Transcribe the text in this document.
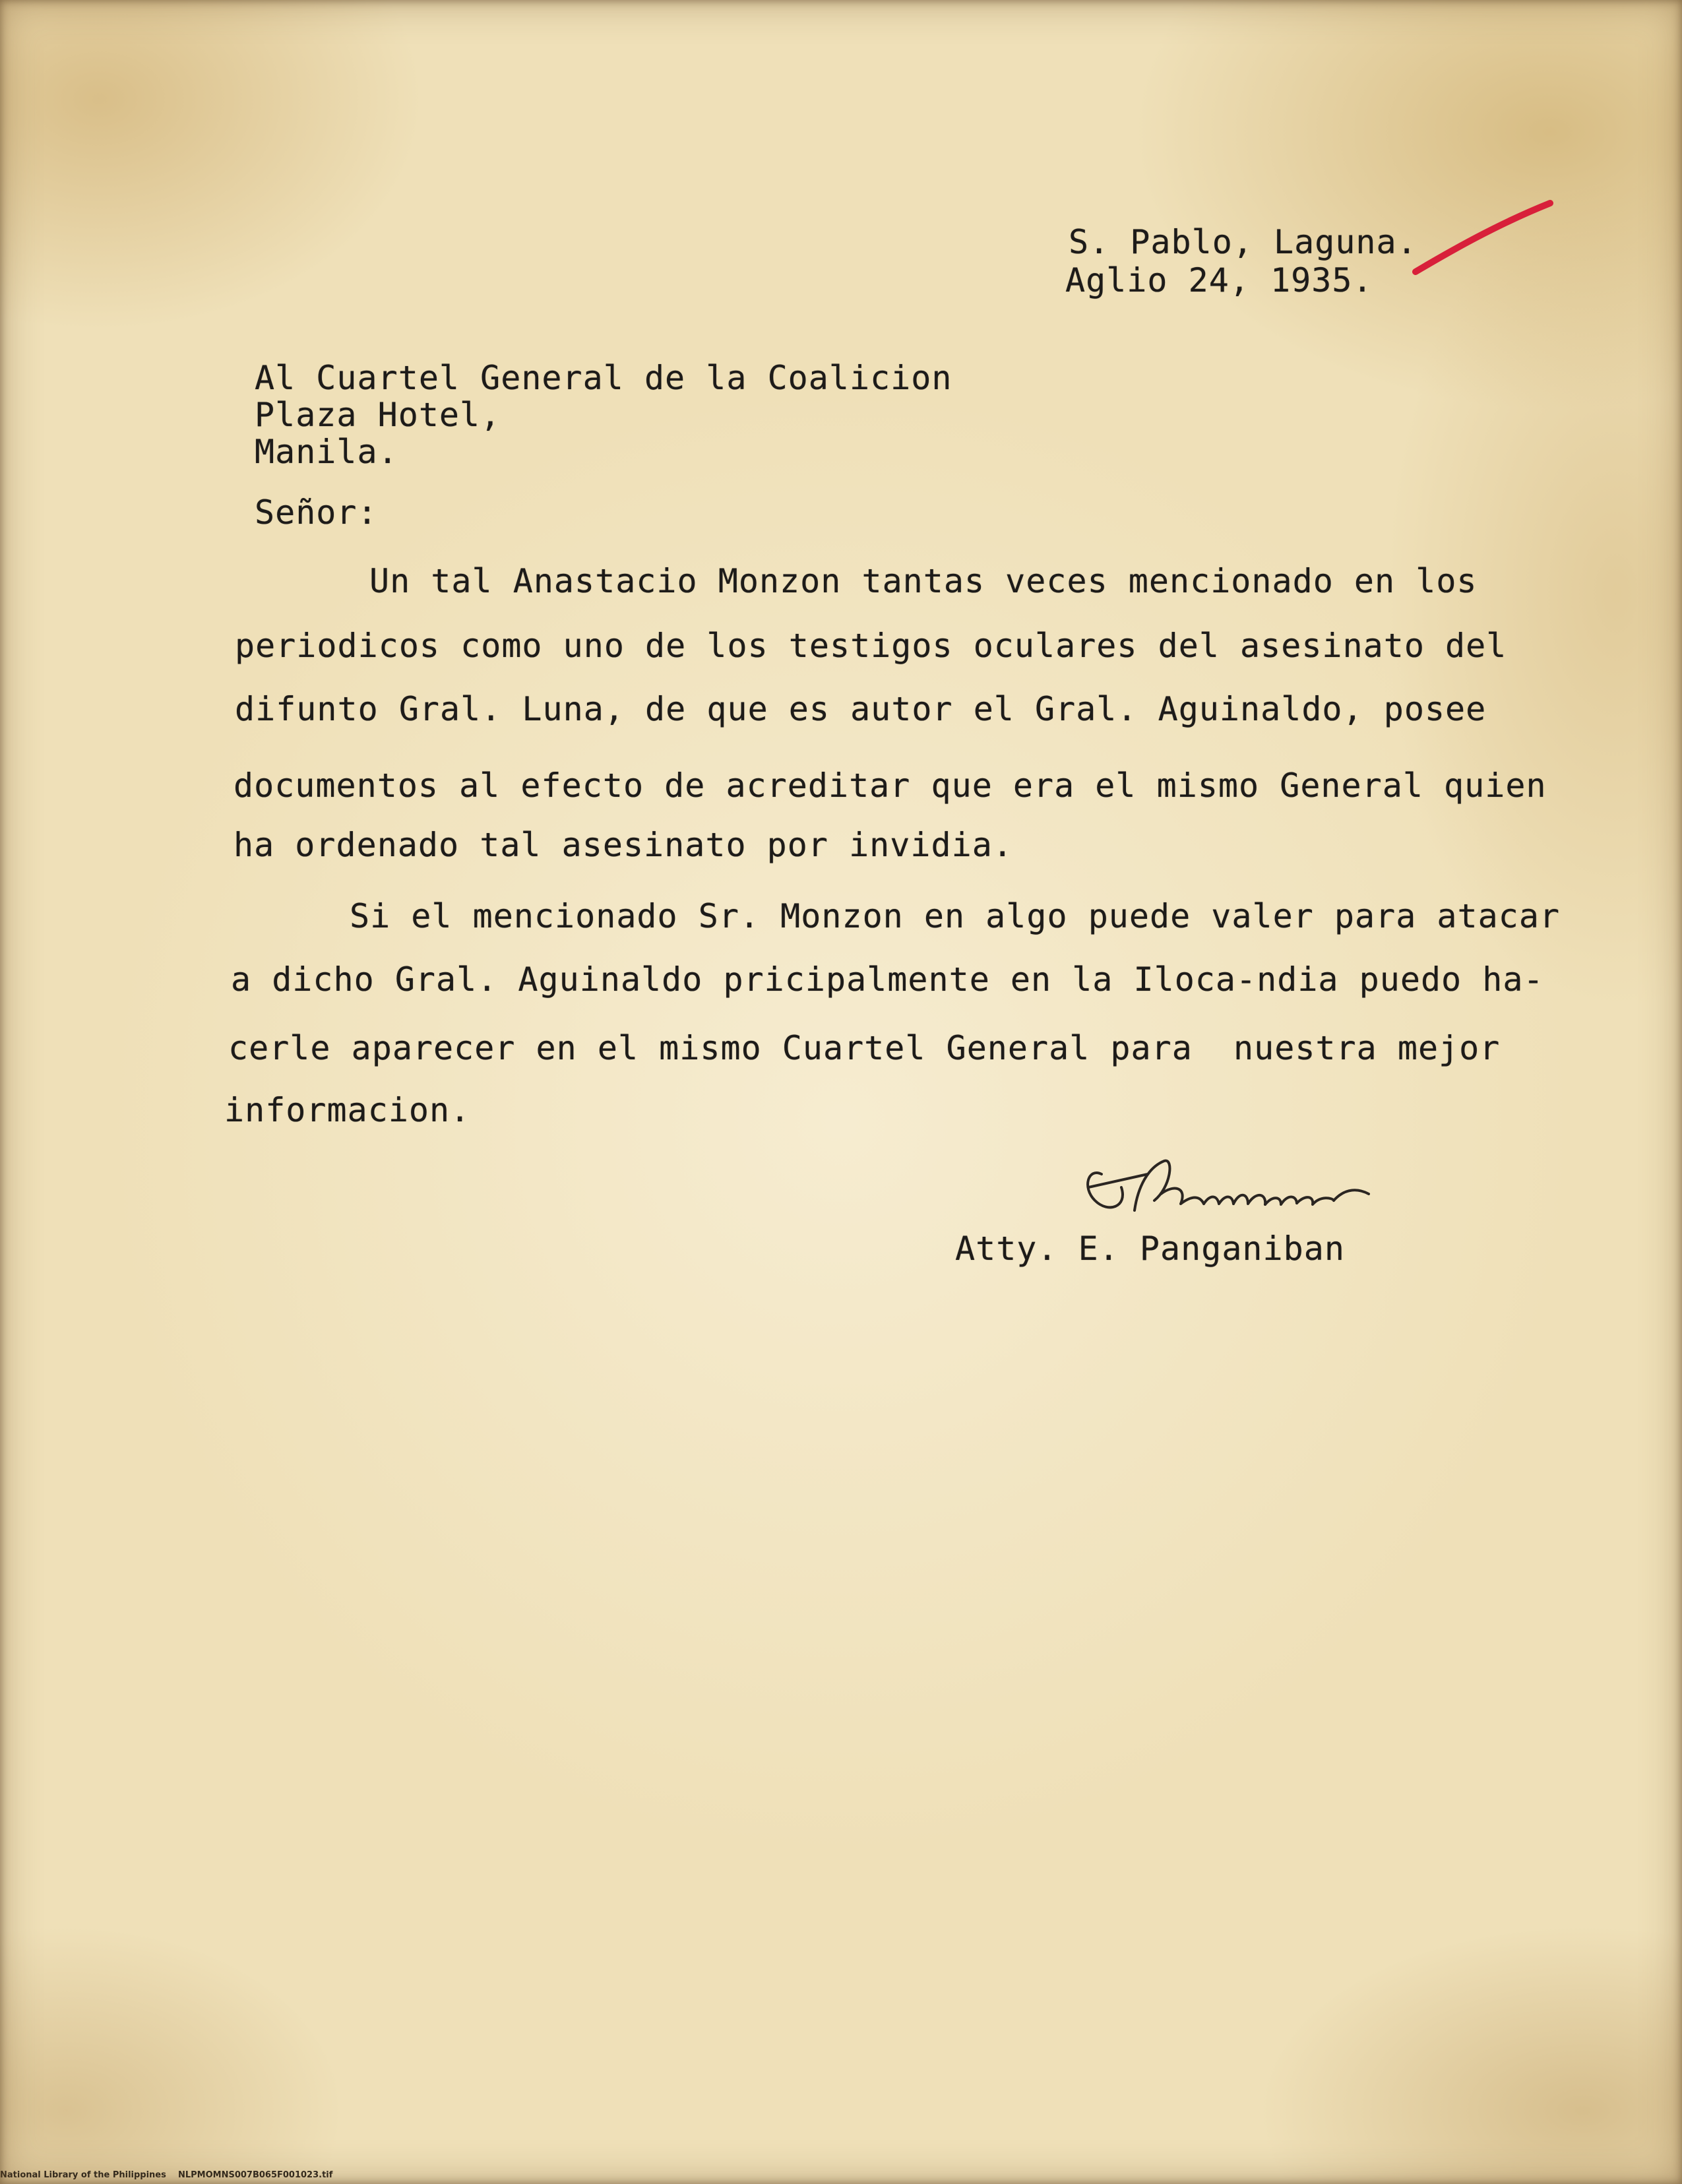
S. Pablo, Laguna.
Aglio 24, 1935.
Al Cuartel General de la Coalicion
Plaza Hotel,
Manila.
Señor:
Un tal Anastacio Monzon tantas veces mencionado en los
periodicos como uno de los testigos oculares del asesinato del
difunto Gral. Luna, de que es autor el Gral. Aguinaldo, posee
documentos al efecto de acreditar que era el mismo General quien
ha ordenado tal asesinato por invidia.
Si el mencionado Sr. Monzon en algo puede valer para atacar
a dicho Gral. Aguinaldo pricipalmente en la Iloca-ndia puedo ha-
cerle aparecer en el mismo Cuartel General para  nuestra mejor
informacion.
Atty. E. Panganiban
National Library of the Philippines    NLPMOMNS007B065F001023.tif
